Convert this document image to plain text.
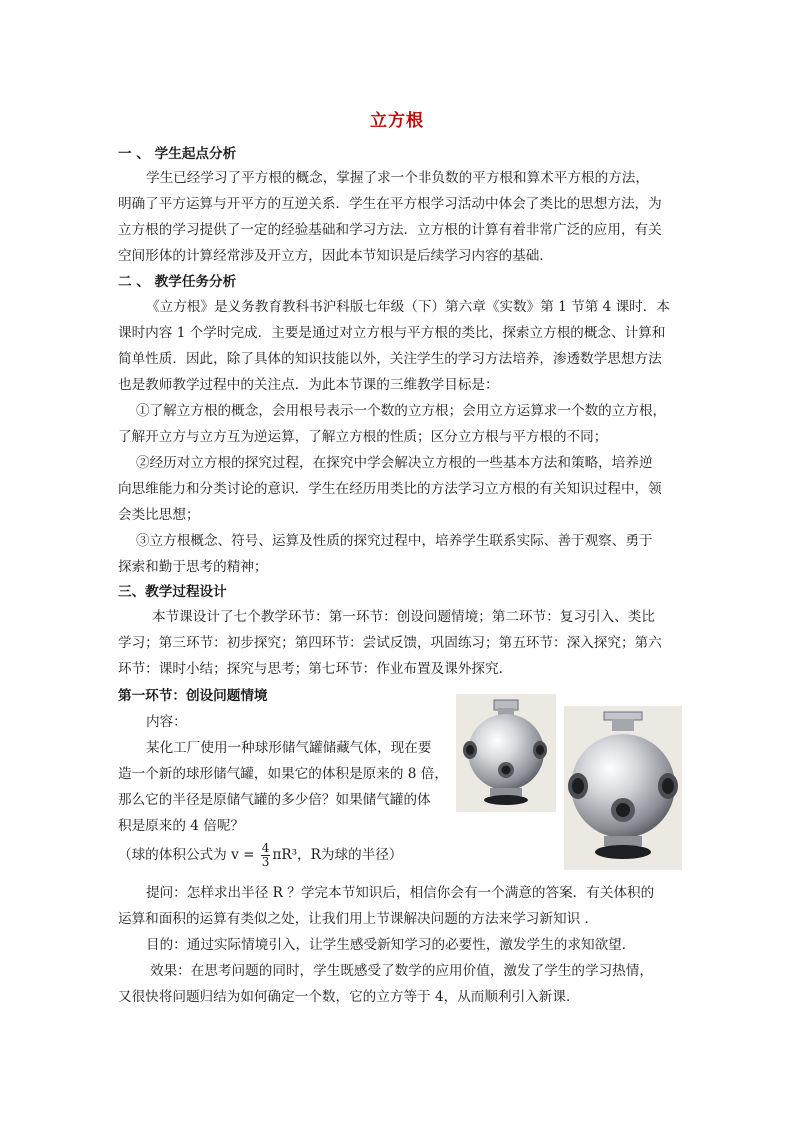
立方根
一 、 学生起点分析
学生已经学习了平方根的概念，掌握了求一个非负数的平方根和算术平方根的方法，
明确了平方运算与开平方的互逆关系．学生在平方根学习活动中体会了类比的思想方法，为
立方根的学习提供了一定的经验基础和学习方法．立方根的计算有着非常广泛的应用，有关
空间形体的计算经常涉及开立方，因此本节知识是后续学习内容的基础．
二 、 教学任务分析
《立方根》是义务教育教科书沪科版七年级（下）第六章《实数》第 1 节第 4 课时．本
课时内容 1 个学时完成．主要是通过对立方根与平方根的类比，探索立方根的概念、计算和
简单性质．因此，除了具体的知识技能以外，关注学生的学习方法培养，渗透数学思想方法
也是教师教学过程中的关注点．为此本节课的三维教学目标是：
①了解立方根的概念，会用根号表示一个数的立方根；会用立方运算求一个数的立方根，
了解开立方与立方互为逆运算，了解立方根的性质；区分立方根与平方根的不同；
②经历对立方根的探究过程，在探究中学会解决立方根的一些基本方法和策略，培养逆
向思维能力和分类讨论的意识．学生在经历用类比的方法学习立方根的有关知识过程中，领
会类比思想；
③立方根概念、符号、运算及性质的探究过程中，培养学生联系实际、善于观察、勇于
探索和勤于思考的精神；
三、教学过程设计
本节课设计了七个教学环节：第一环节：创设问题情境；第二环节：复习引入、类比
学习；第三环节：初步探究；第四环节：尝试反馈，巩固练习；第五环节：深入探究；第六
环节：课时小结；探究与思考；第七环节：作业布置及课外探究．
第一环节：创设问题情境
内容：
某化工厂使用一种球形储气罐储藏气体，现在要
造一个新的球形储气罐，如果它的体积是原来的 8 倍，
那么它的半径是原储气罐的多少倍？如果储气罐的体
积是原来的 4 倍呢？
（球的体积公式为 $v = \frac{4}{3} \pi R^3$，R为球的半径）
提问：怎样求出半径 R ？学完本节知识后，相信你会有一个满意的答案．有关体积的
运算和面积的运算有类似之处，让我们用上节课解决问题的方法来学习新知识 ．
目的：通过实际情境引入，让学生感受新知学习的必要性，激发学生的求知欲望．
效果：在思考问题的同时，学生既感受了数学的应用价值，激发了学生的学习热情，
又很快将问题归结为如何确定一个数，它的立方等于 4，从而顺利引入新课．
